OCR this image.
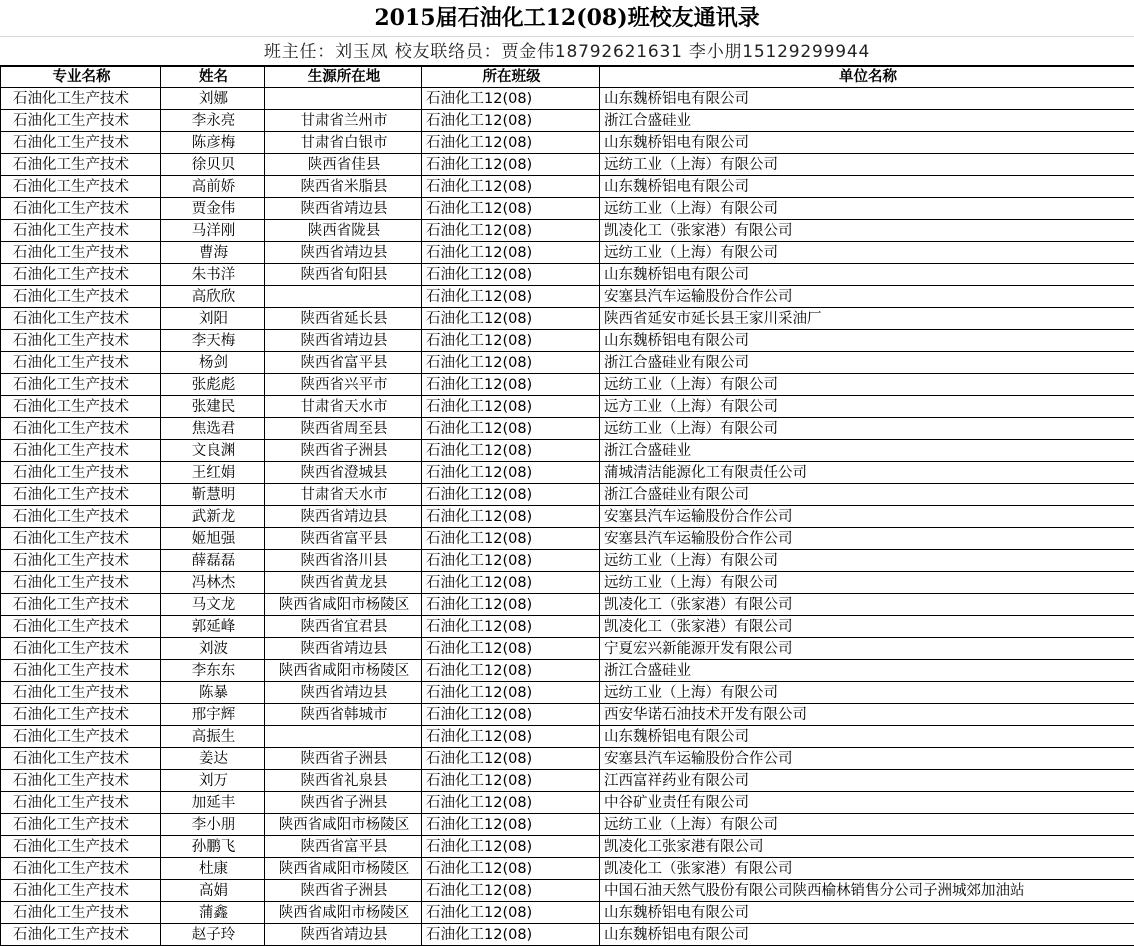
2015届石油化工12(08)班校友通讯录
班主任：刘玉凤 校友联络员：贾金伟18792621631 李小朋15129299944
专业名称	姓名	生源所在地	所在班级	单位名称
石油化工生产技术	刘娜		石油化工12(08)	山东魏桥铝电有限公司
石油化工生产技术	李永亮	甘肃省兰州市	石油化工12(08)	浙江合盛硅业
石油化工生产技术	陈彦梅	甘肃省白银市	石油化工12(08)	山东魏桥铝电有限公司
石油化工生产技术	徐贝贝	陕西省佳县	石油化工12(08)	远纺工业（上海）有限公司
石油化工生产技术	高前娇	陕西省米脂县	石油化工12(08)	山东魏桥铝电有限公司
石油化工生产技术	贾金伟	陕西省靖边县	石油化工12(08)	远纺工业（上海）有限公司
石油化工生产技术	马洋刚	陕西省陇县	石油化工12(08)	凯凌化工（张家港）有限公司
石油化工生产技术	曹海	陕西省靖边县	石油化工12(08)	远纺工业（上海）有限公司
石油化工生产技术	朱书洋	陕西省旬阳县	石油化工12(08)	山东魏桥铝电有限公司
石油化工生产技术	高欣欣		石油化工12(08)	安塞县汽车运输股份合作公司
石油化工生产技术	刘阳	陕西省延长县	石油化工12(08)	陕西省延安市延长县王家川采油厂
石油化工生产技术	李天梅	陕西省靖边县	石油化工12(08)	山东魏桥铝电有限公司
石油化工生产技术	杨剑	陕西省富平县	石油化工12(08)	浙江合盛硅业有限公司
石油化工生产技术	张彪彪	陕西省兴平市	石油化工12(08)	远纺工业（上海）有限公司
石油化工生产技术	张建民	甘肃省天水市	石油化工12(08)	远方工业（上海）有限公司
石油化工生产技术	焦选君	陕西省周至县	石油化工12(08)	远纺工业（上海）有限公司
石油化工生产技术	文良渊	陕西省子洲县	石油化工12(08)	浙江合盛硅业
石油化工生产技术	王红娟	陕西省澄城县	石油化工12(08)	蒲城清洁能源化工有限责任公司
石油化工生产技术	靳慧明	甘肃省天水市	石油化工12(08)	浙江合盛硅业有限公司
石油化工生产技术	武新龙	陕西省靖边县	石油化工12(08)	安塞县汽车运输股份合作公司
石油化工生产技术	姬旭强	陕西省富平县	石油化工12(08)	安塞县汽车运输股份合作公司
石油化工生产技术	薛磊磊	陕西省洛川县	石油化工12(08)	远纺工业（上海）有限公司
石油化工生产技术	冯林杰	陕西省黄龙县	石油化工12(08)	远纺工业（上海）有限公司
石油化工生产技术	马文龙	陕西省咸阳市杨陵区	石油化工12(08)	凯凌化工（张家港）有限公司
石油化工生产技术	郭延峰	陕西省宜君县	石油化工12(08)	凯凌化工（张家港）有限公司
石油化工生产技术	刘波	陕西省靖边县	石油化工12(08)	宁夏宏兴新能源开发有限公司
石油化工生产技术	李东东	陕西省咸阳市杨陵区	石油化工12(08)	浙江合盛硅业
石油化工生产技术	陈暴	陕西省靖边县	石油化工12(08)	远纺工业（上海）有限公司
石油化工生产技术	邢宇辉	陕西省韩城市	石油化工12(08)	西安华诺石油技术开发有限公司
石油化工生产技术	高振生		石油化工12(08)	山东魏桥铝电有限公司
石油化工生产技术	姜达	陕西省子洲县	石油化工12(08)	安塞县汽车运输股份合作公司
石油化工生产技术	刘万	陕西省礼泉县	石油化工12(08)	江西富祥药业有限公司
石油化工生产技术	加延丰	陕西省子洲县	石油化工12(08)	中谷矿业责任有限公司
石油化工生产技术	李小朋	陕西省咸阳市杨陵区	石油化工12(08)	远纺工业（上海）有限公司
石油化工生产技术	孙鹏飞	陕西省富平县	石油化工12(08)	凯凌化工张家港有限公司
石油化工生产技术	杜康	陕西省咸阳市杨陵区	石油化工12(08)	凯凌化工（张家港）有限公司
石油化工生产技术	高娟	陕西省子洲县	石油化工12(08)	中国石油天然气股份有限公司陕西榆林销售分公司子洲城郊加油站
石油化工生产技术	蒲鑫	陕西省咸阳市杨陵区	石油化工12(08)	山东魏桥铝电有限公司
石油化工生产技术	赵子玲	陕西省靖边县	石油化工12(08)	山东魏桥铝电有限公司
